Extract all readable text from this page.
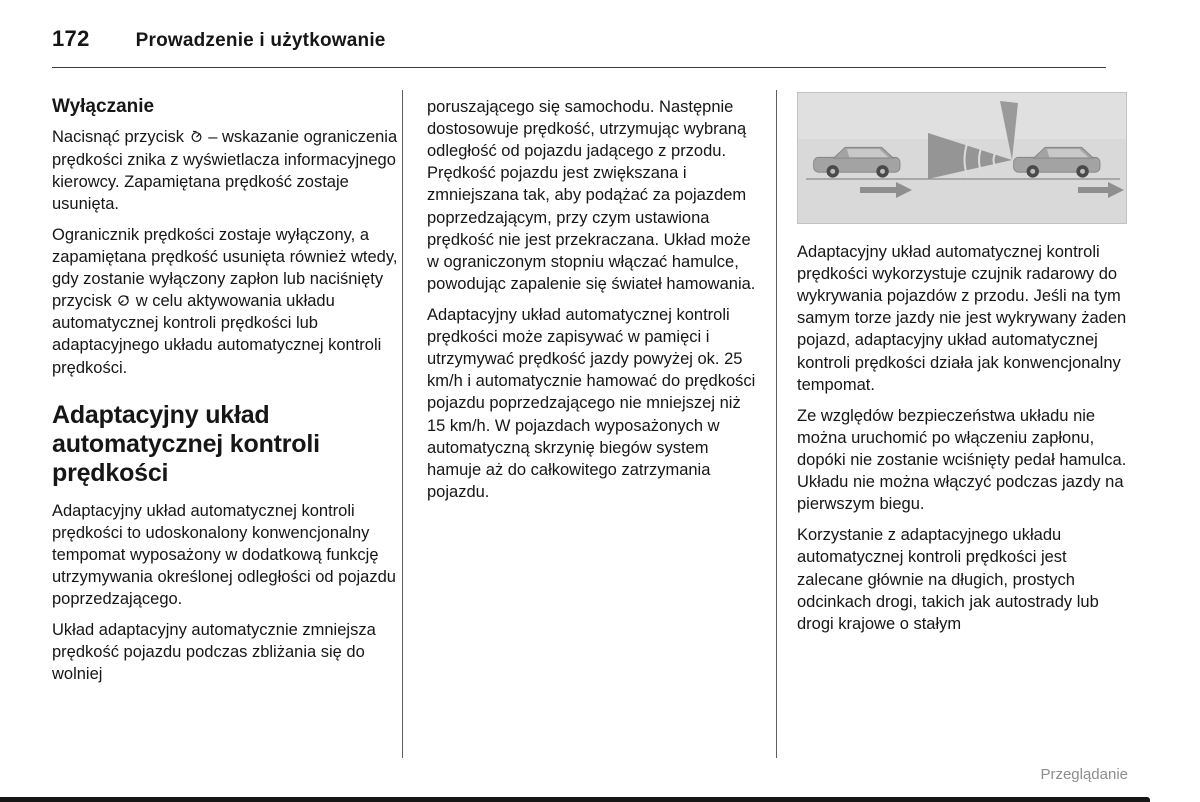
172 Prowadzenie i użytkowanie
Wyłączanie

Nacisnąć przycisk  – wskazanie ograniczenia prędkości znika z wyświetlacza informacyjnego kierowcy. Zapamiętana prędkość zostaje usunięta.

Ogranicznik prędkości zostaje wyłączony, a zapamiętana prędkość usunięta również wtedy, gdy zostanie wyłączony zapłon lub naciśnięty przycisk  w celu aktywowania układu automatycznej kontroli prędkości lub adaptacyjnego układu automatycznej kontroli prędkości.

Adaptacyjny układ automatycznej kontroli prędkości

Adaptacyjny układ automatycznej kontroli prędkości to udoskonalony konwencjonalny tempomat wyposażony w dodatkową funkcję utrzymywania określonej odległości od pojazdu poprzedzającego.

Układ adaptacyjny automatycznie zmniejsza prędkość pojazdu podczas zbliżania się do wolniej

poruszającego się samochodu. Następnie dostosowuje prędkość, utrzymując wybraną odległość od pojazdu jadącego z przodu. Prędkość pojazdu jest zwiększana i zmniejszana tak, aby podążać za pojazdem poprzedzającym, przy czym ustawiona prędkość nie jest przekraczana. Układ może w ograniczonym stopniu włączać hamulce, powodując zapalenie się świateł hamowania.

Adaptacyjny układ automatycznej kontroli prędkości może zapisywać w pamięci i utrzymywać prędkość jazdy powyżej ok. 25 km/h i automatycznie hamować do prędkości pojazdu poprzedzającego nie mniejszej niż 15 km/h. W pojazdach wyposażonych w automatyczną skrzynię biegów system hamuje aż do całkowitego zatrzymania pojazdu.

Adaptacyjny układ automatycznej kontroli prędkości wykorzystuje czujnik radarowy do wykrywania pojazdów z przodu. Jeśli na tym samym torze jazdy nie jest wykrywany żaden pojazd, adaptacyjny układ automatycznej kontroli prędkości działa jak konwencjonalny tempomat.

Ze względów bezpieczeństwa układu nie można uruchomić po włączeniu zapłonu, dopóki nie zostanie wciśnięty pedał hamulca. Układu nie można włączyć podczas jazdy na pierwszym biegu.

Korzystanie z adaptacyjnego układu automatycznej kontroli prędkości jest zalecane głównie na długich, prostych odcinkach drogi, takich jak autostrady lub drogi krajowe o stałym

Przeglądanie
